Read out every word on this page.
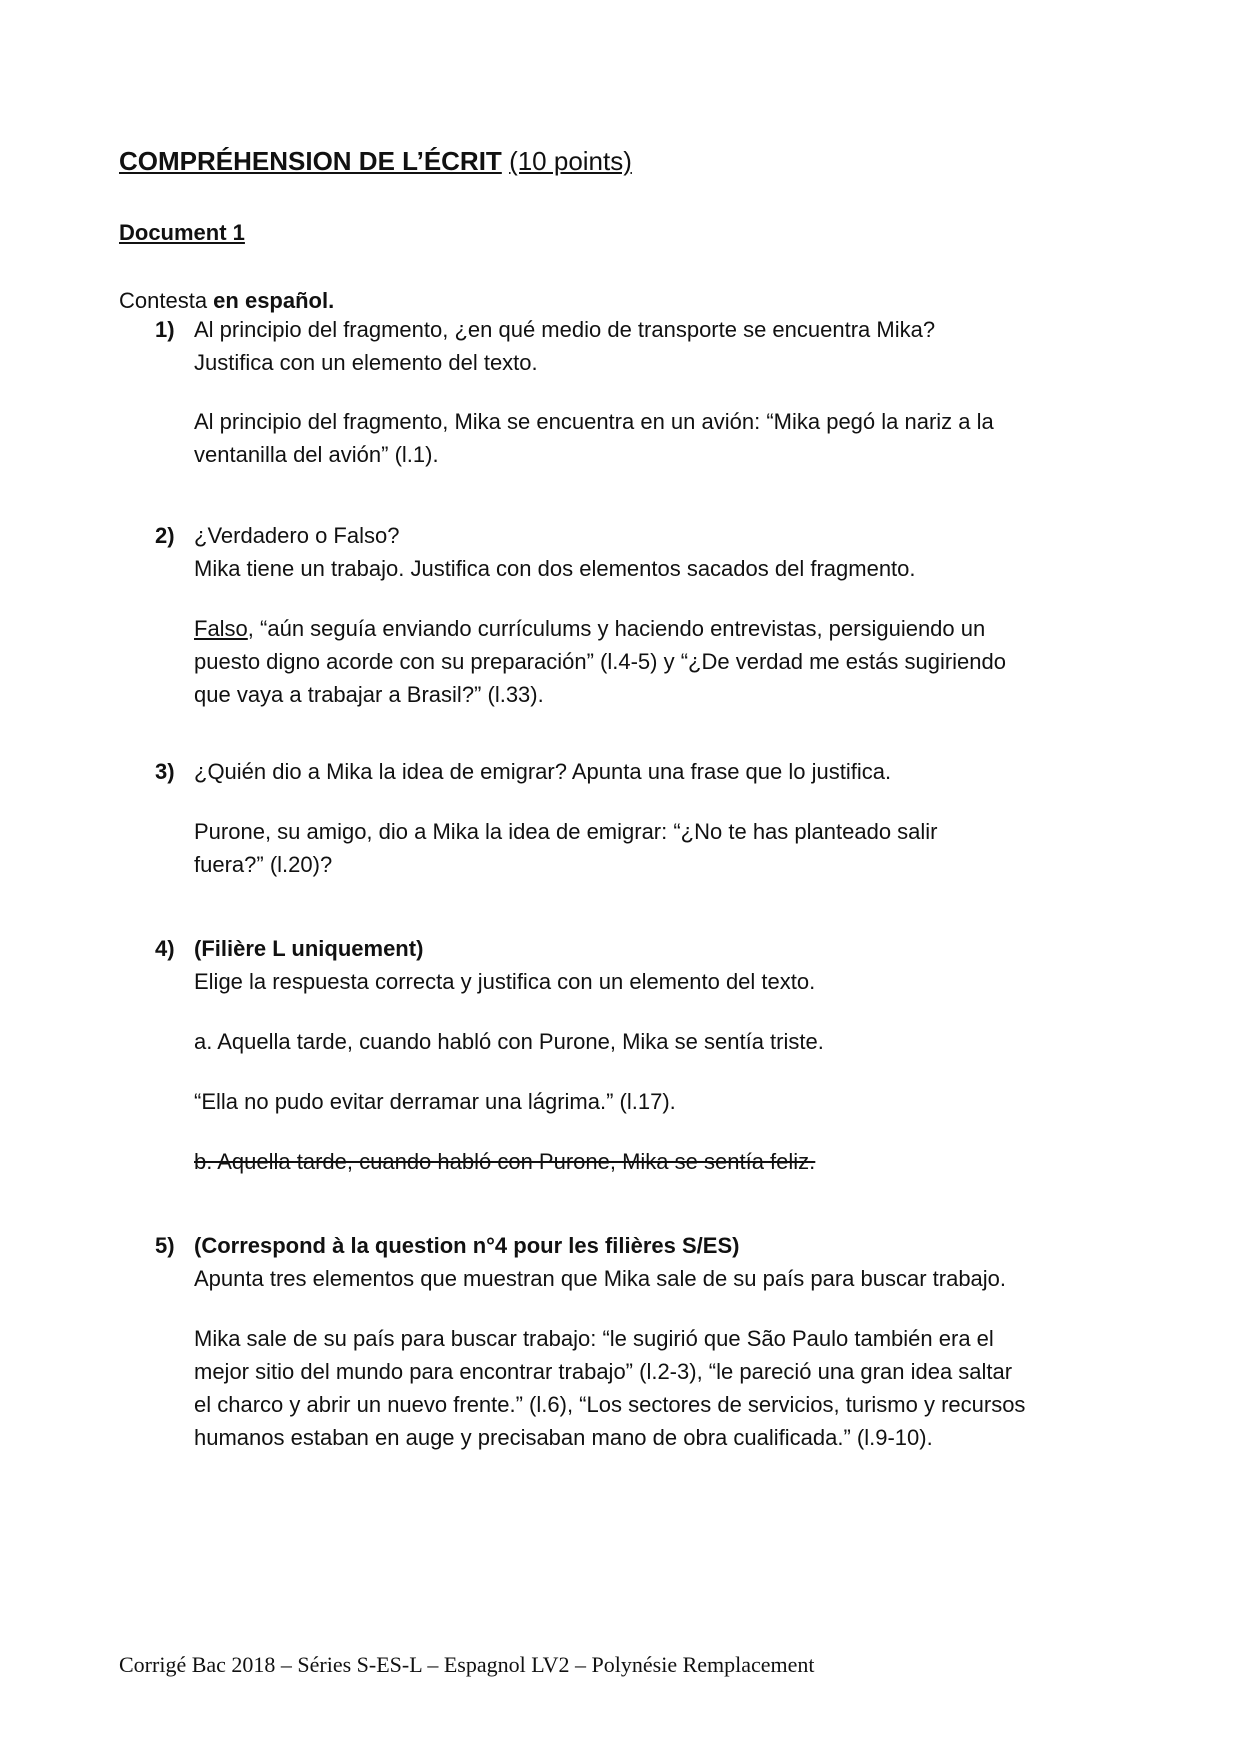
COMPRÉHENSION DE L’ÉCRIT (10 points)
Document 1
Contesta en español.
1) Al principio del fragmento, ¿en qué medio de transporte se encuentra Mika?
Justifica con un elemento del texto.
Al principio del fragmento, Mika se encuentra en un avión: “Mika pegó la nariz a la
ventanilla del avión” (l.1).
2) ¿Verdadero o Falso?
Mika tiene un trabajo. Justifica con dos elementos sacados del fragmento.
Falso, “aún seguía enviando currículums y haciendo entrevistas, persiguiendo un
puesto digno acorde con su preparación” (l.4-5) y “¿De verdad me estás sugiriendo
que vaya a trabajar a Brasil?” (l.33).
3) ¿Quién dio a Mika la idea de emigrar? Apunta una frase que lo justifica.
Purone, su amigo, dio a Mika la idea de emigrar: “¿No te has planteado salir
fuera?” (l.20)?
4) (Filière L uniquement)
Elige la respuesta correcta y justifica con un elemento del texto.
a. Aquella tarde, cuando habló con Purone, Mika se sentía triste.
“Ella no pudo evitar derramar una lágrima.” (l.17).
b. Aquella tarde, cuando habló con Purone, Mika se sentía feliz.
5) (Correspond à la question n°4 pour les filières S/ES)
Apunta tres elementos que muestran que Mika sale de su país para buscar trabajo.
Mika sale de su país para buscar trabajo: “le sugirió que São Paulo también era el
mejor sitio del mundo para encontrar trabajo” (l.2-3), “le pareció una gran idea saltar
el charco y abrir un nuevo frente.” (l.6), “Los sectores de servicios, turismo y recursos
humanos estaban en auge y precisaban mano de obra cualificada.” (l.9-10).
Corrigé Bac 2018 – Séries S-ES-L – Espagnol LV2 – Polynésie Remplacement
